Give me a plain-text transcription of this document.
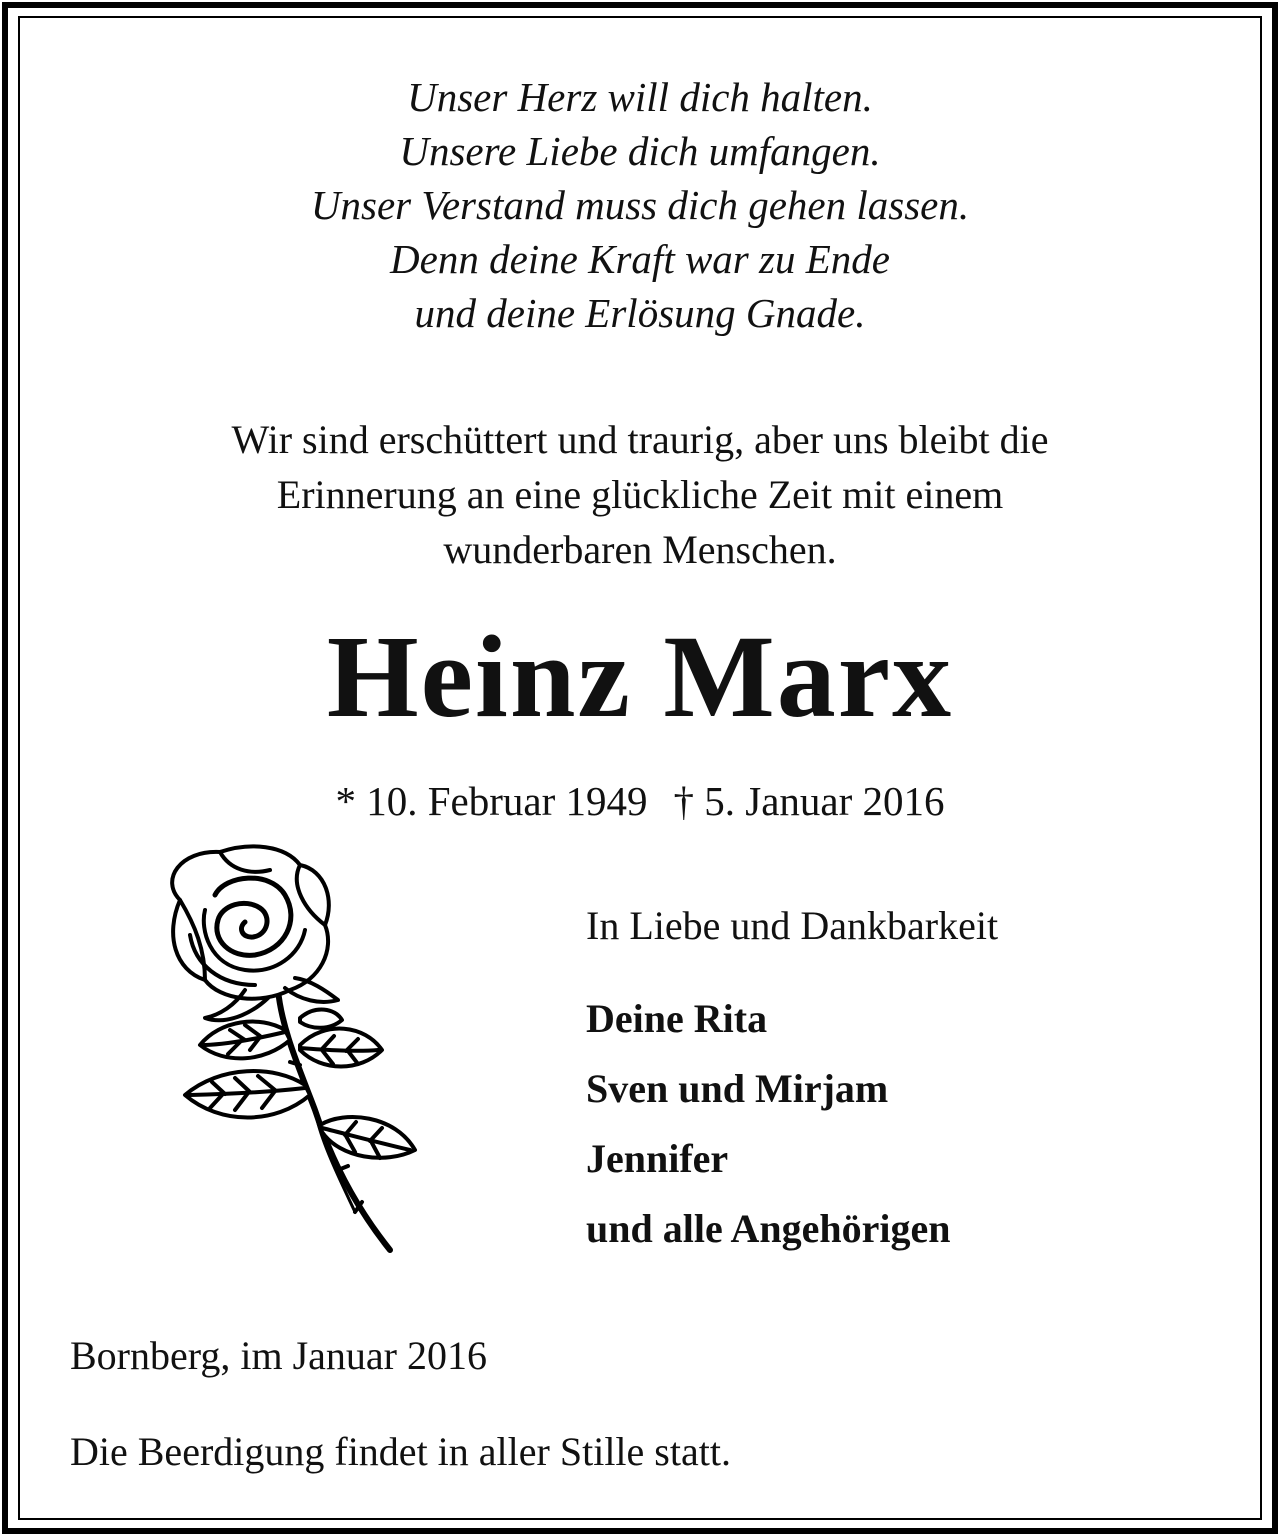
Unser Herz will dich halten.
Unsere Liebe dich umfangen.
Unser Verstand muss dich gehen lassen.
Denn deine Kraft war zu Ende
und deine Erlösung Gnade.
Wir sind erschüttert und traurig, aber uns bleibt die
Erinnerung an eine glückliche Zeit mit einem
wunderbaren Menschen.
Heinz Marx
* 10. Februar 1949 † 5. Januar 2016
In Liebe und Dankbarkeit
Deine Rita
Sven und Mirjam
Jennifer
und alle Angehörigen
Bornberg, im Januar 2016
Die Beerdigung findet in aller Stille statt.
